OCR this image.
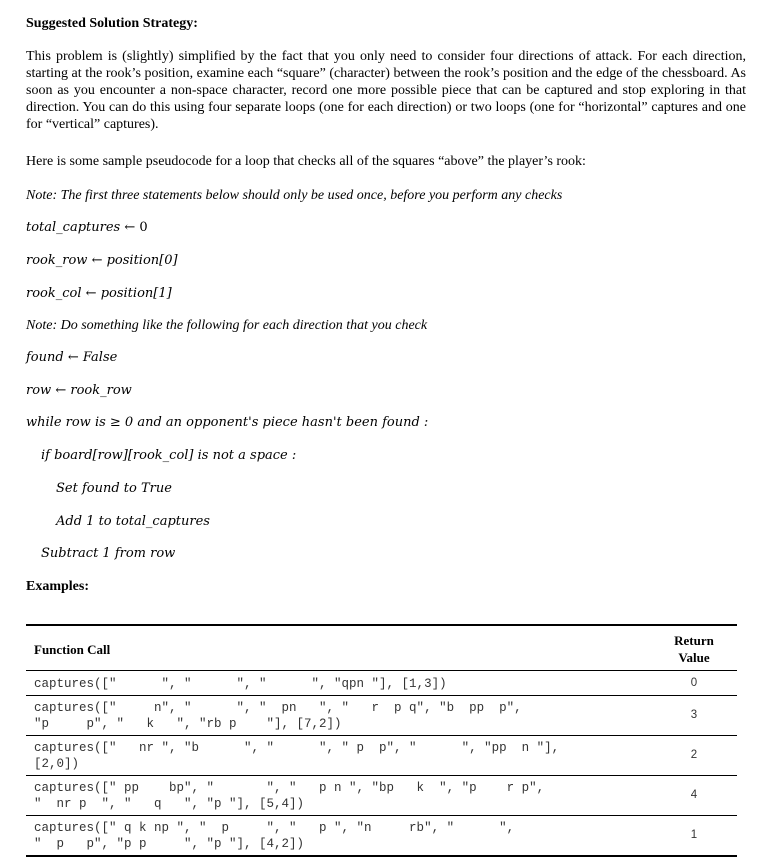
Suggested Solution Strategy:
This problem is (slightly) simplified by the fact that you only need to consider four directions of attack. For each direction, starting at the rook’s position, examine each “square” (character) between the rook’s position and the edge of the chessboard. As soon as you encounter a non-space character, record one more possible piece that can be captured and stop exploring in that direction. You can do this using four separate loops (one for each direction) or two loops (one for “horizontal” captures and one for “vertical” captures).
Here is some sample pseudocode for a loop that checks all of the squares “above” the player’s rook:
Note: The first three statements below should only be used once, before you perform any checks
total_captures ← 0
rook_row ← position[0]
rook_col ← position[1]
Note: Do something like the following for each direction that you check
found ← False
row ← rook_row
while row is ≥ 0 and an opponent's piece hasn't been found :
if board[row][rook_col] is not a space :
Set found to True
Add 1 to total_captures
Subtract 1 from row
Examples:
Function Call	Return Value
captures(["      ", "      ", "      ", "qpn "], [1,3])	0
captures(["     n", "      ", "  pn   ", "   r  p q", "b  pp  p",
"p     p", "   k   ", "rb p    "], [7,2])	3
captures(["   nr ", "b      ", "      ", " p  p", "      ", "pp  n "],
[2,0])	2
captures([" pp    bp", "       ", "   p n ", "bp   k  ", "p    r p",
"  nr p  ", "   q   ", "p "], [5,4])	4
captures([" q k np ", "  p     ", "   p ", "n     rb", "      ",
"  p   p", "p p     ", "p "], [4,2])	1
